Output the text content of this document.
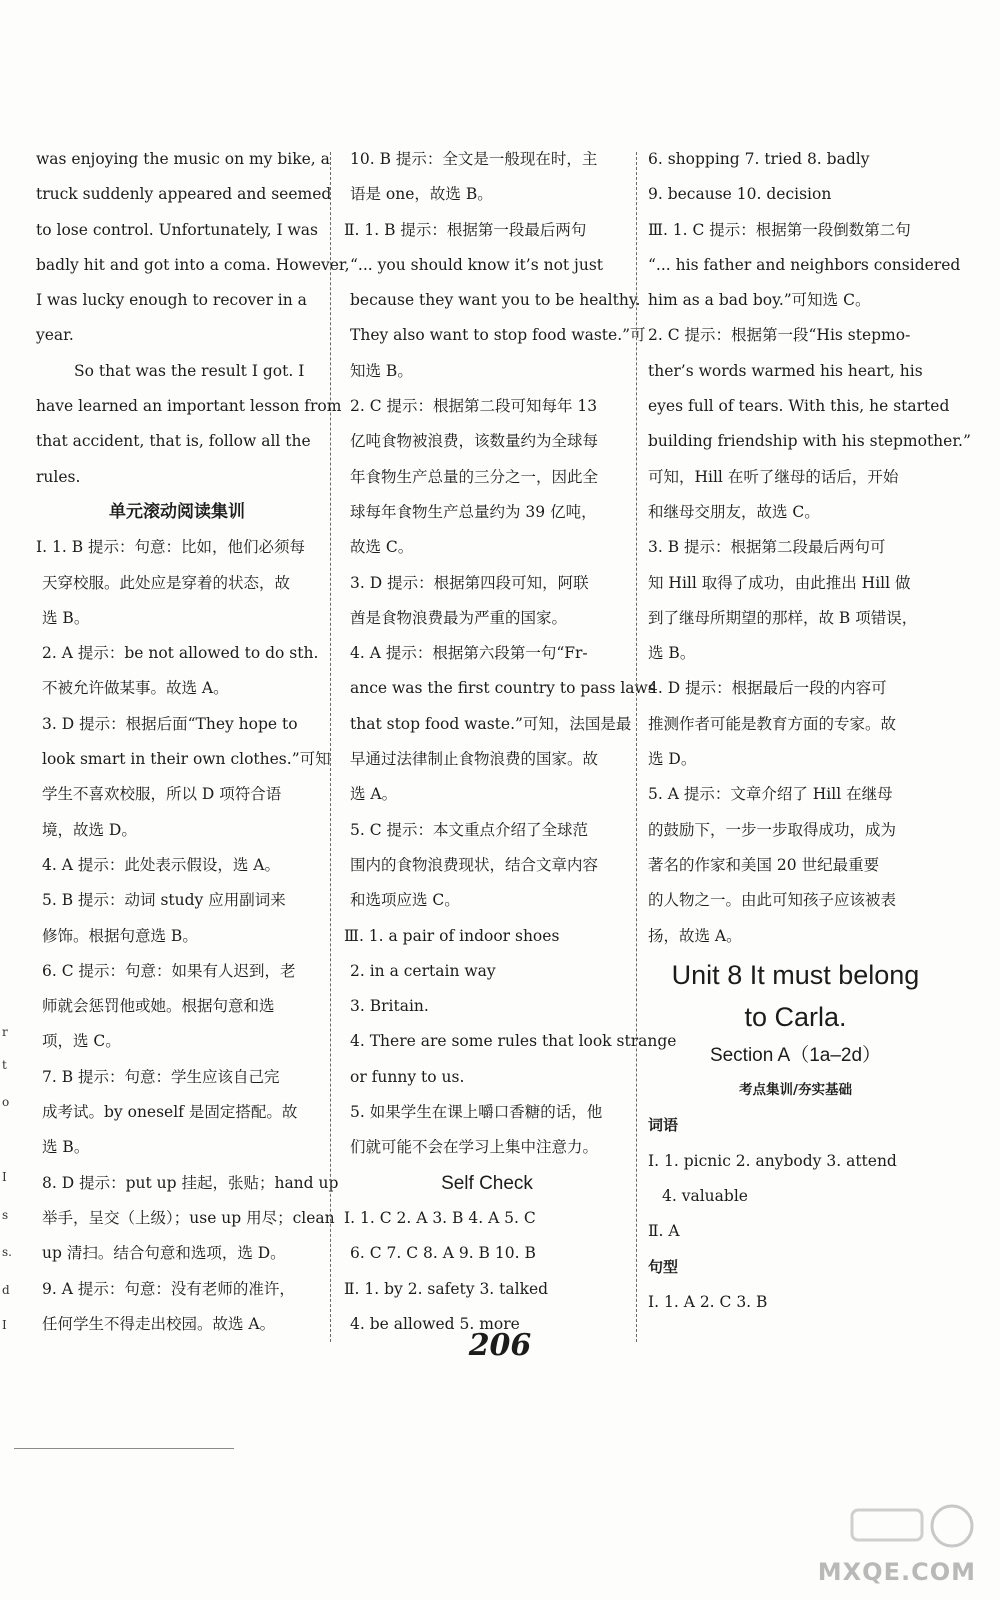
r
t
o
I
s
s.
d
I
was enjoying the music on my bike, a
truck suddenly appeared and seemed
to lose control. Unfortunately, I was
badly hit and got into a coma. However,
I was lucky enough to recover in a
year.
So that was the result I got. I
have learned an important lesson from
that accident, that is, follow all the
rules.
单元滚动阅读集训
Ⅰ. 1. B 提示：句意：比如，他们必须每
天穿校服。此处应是穿着的状态，故
选 B。
2. A 提示：be not allowed to do sth.
不被允许做某事。故选 A。
3. D 提示：根据后面“They hope to
look smart in their own clothes.”可知
学生不喜欢校服，所以 D 项符合语
境，故选 D。
4. A 提示：此处表示假设，选 A。
5. B 提示：动词 study 应用副词来
修饰。根据句意选 B。
6. C 提示：句意：如果有人迟到，老
师就会惩罚他或她。根据句意和选
项，选 C。
7. B 提示：句意：学生应该自己完
成考试。by oneself 是固定搭配。故
选 B。
8. D 提示：put up 挂起，张贴；hand up
举手，呈交（上级）；use up 用尽；clean
up 清扫。结合句意和选项，选 D。
9. A 提示：句意：没有老师的准许，
任何学生不得走出校园。故选 A。
10. B 提示：全文是一般现在时，主
语是 one，故选 B。
Ⅱ. 1. B 提示：根据第一段最后两句
“... you should know it’s not just
because they want you to be healthy.
They also want to stop food waste.”可
知选 B。
2. C 提示：根据第二段可知每年 13
亿吨食物被浪费，该数量约为全球每
年食物生产总量的三分之一，因此全
球每年食物生产总量约为 39 亿吨，
故选 C。
3. D 提示：根据第四段可知，阿联
酋是食物浪费最为严重的国家。
4. A 提示：根据第六段第一句“Fr-
ance was the first country to pass laws
that stop food waste.”可知，法国是最
早通过法律制止食物浪费的国家。故
选 A。
5. C 提示：本文重点介绍了全球范
围内的食物浪费现状，结合文章内容
和选项应选 C。
Ⅲ. 1. a pair of indoor shoes
2. in a certain way
3. Britain.
4. There are some rules that look strange
or funny to us.
5. 如果学生在课上嚼口香糖的话，他
们就可能不会在学习上集中注意力。
Self Check
Ⅰ. 1. C 2. A 3. B 4. A 5. C
6. C 7. C 8. A 9. B 10. B
Ⅱ. 1. by 2. safety 3. talked
4. be allowed 5. more
6. shopping 7. tried 8. badly
9. because 10. decision
Ⅲ. 1. C 提示：根据第一段倒数第二句
“... his father and neighbors considered
him as a bad boy.”可知选 C。
2. C 提示：根据第一段“His stepmo-
ther’s words warmed his heart, his
eyes full of tears. With this, he started
building friendship with his stepmother.”
可知，Hill 在听了继母的话后，开始
和继母交朋友，故选 C。
3. B 提示：根据第二段最后两句可
知 Hill 取得了成功，由此推出 Hill 做
到了继母所期望的那样，故 B 项错误，
选 B。
4. D 提示：根据最后一段的内容可
推测作者可能是教育方面的专家。故
选 D。
5. A 提示：文章介绍了 Hill 在继母
的鼓励下，一步一步取得成功，成为
著名的作家和美国 20 世纪最重要
的人物之一。由此可知孩子应该被表
扬，故选 A。
Unit 8 It must belong
to Carla.
Section A（1a–2d）
考点集训/夯实基础
词语
Ⅰ. 1. picnic 2. anybody 3. attend
4. valuable
Ⅱ. A
句型
Ⅰ. 1. A 2. C 3. B
206
MXQE.COM
